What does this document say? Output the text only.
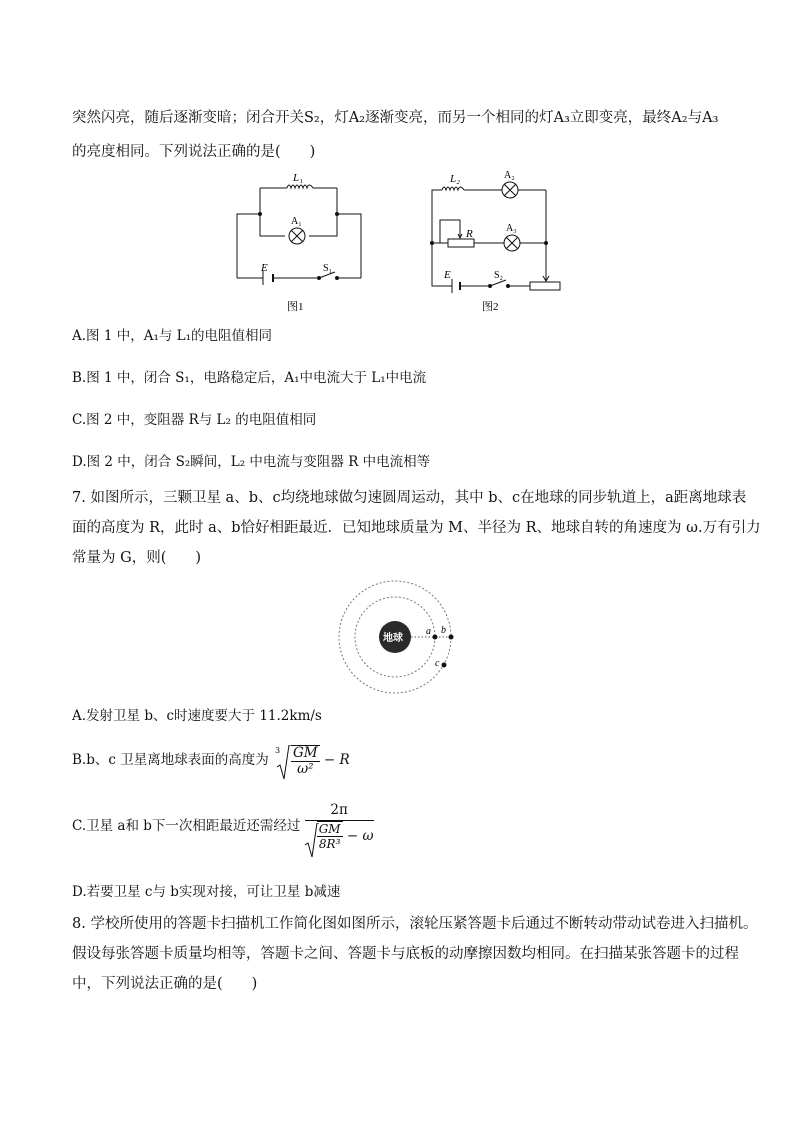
突然闪亮，随后逐渐变暗；闭合开关S₂，灯A₂逐渐变亮，而另一个相同的灯A₃立即变亮，最终A₂与A₃
的亮度相同。下列说法正确的是(　　)
L₁
A₁
E	S₁
图1
L₂	A₂
R	A₃
E	S₂
图2
A.图 1 中，A₁与 L₁的电阻值相同
B.图 1 中，闭合 S₁，电路稳定后，A₁中电流大于 L₁中电流
C.图 2 中，变阻器 R与 L₂ 的电阻值相同
D.图 2 中，闭合 S₂瞬间，L₂ 中电流与变阻器 R 中电流相等
7. 如图所示，三颗卫星 a、b、c均绕地球做匀速圆周运动，其中 b、c在地球的同步轨道上，a距离地球表
面的高度为 R，此时 a、b恰好相距最近．已知地球质量为 M、半径为 R、地球自转的角速度为 ω.万有引力
常量为 G，则(　　)
地球
a b
c
A.发射卫星 b、c时速度要大于 11.2km/s
B.b、c 卫星离地球表面的高度为
$3 \frac{GM}{\text{ω²}} - R$
C.卫星 a和 b下一次相距最近还需经过 $\frac{2\pi}{\frac{GM}{\text{8R³}} - \omega}$
D.若要卫星 c与 b实现对接，可让卫星 b减速
8. 学校所使用的答题卡扫描机工作简化图如图所示，滚轮压紧答题卡后通过不断转动带动试卷进入扫描机。
假设每张答题卡质量均相等，答题卡之间、答题卡与底板的动摩擦因数均相同。在扫描某张答题卡的过程
中，下列说法正确的是(　　)
